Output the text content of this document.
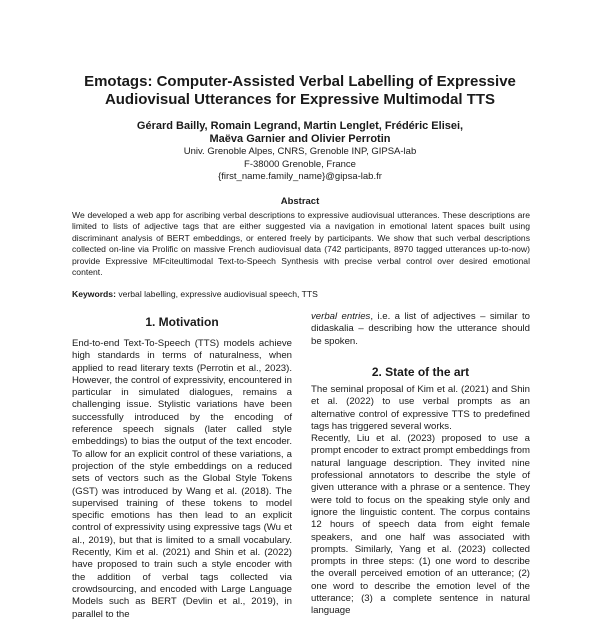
Emotags: Computer-Assisted Verbal Labelling of Expressive
Audiovisual Utterances for Expressive Multimodal TTS
Gérard Bailly, Romain Legrand, Martin Lenglet, Frédéric Elisei,
Maëva Garnier and Olivier Perrotin
Univ. Grenoble Alpes, CNRS, Grenoble INP, GIPSA-lab
F-38000 Grenoble, France
{first_name.family_name}@gipsa-lab.fr
Abstract

We developed a web app for ascribing verbal descriptions to expressive audiovisual utterances. These descriptions are limited to lists of adjective tags that are either suggested via a navigation in emotional latent spaces built using discriminant analysis of BERT embeddings, or entered freely by participants. We show that such verbal descriptions collected on-line via Prolific on massive French audiovisual data (742 participants, 8970 tagged utterances up-to-now) provide Expressive MFciteultimodal Text-to-Speech Synthesis with precise verbal control over desired emotional content.

Keywords: verbal labelling, expressive audiovisual speech, TTS

1. Motivation

End-to-end Text-To-Speech (TTS) models achieve high standards in terms of naturalness, when applied to read literary texts (Perrotin et al., 2023). However, the control of expressivity, encountered in particular in simulated dialogues, remains a challenging issue. Stylistic variations have been successfully introduced by the encoding of reference speech signals (later called style embeddings) to bias the output of the text encoder. To allow for an explicit control of these variations, a projection of the style embeddings on a reduced sets of vectors such as the Global Style Tokens (GST) was introduced by Wang et al. (2018). The supervised training of these tokens to model specific emotions has then lead to an explicit control of expressivity using expressive tags (Wu et al., 2019), but that is limited to a small vocabulary. Recently, Kim et al. (2021) and Shin et al. (2022) have proposed to train such a style encoder with the addition of verbal tags collected via crowdsourcing, and encoded with Large Language Models such as BERT (Devlin et al., 2019), in parallel to the

verbal entries, i.e. a list of adjectives – similar to didaskalia – describing how the utterance should be spoken.

2. State of the art

The seminal proposal of Kim et al. (2021) and Shin et al. (2022) to use verbal prompts as an alternative control of expressive TTS to predefined tags has triggered several works.

Recently, Liu et al. (2023) proposed to use a prompt encoder to extract prompt embeddings from natural language description. They invited nine professional annotators to describe the style of given utterance with a phrase or a sentence. They were told to focus on the speaking style only and ignore the linguistic content. The corpus contains 12 hours of speech data from eight female speakers, and one half was associated with prompts. Similarly, Yang et al. (2023) collected prompts in three steps: (1) one word to describe the overall perceived emotion of an utterance; (2) one word to describe the emotion level of the utterance; (3) a complete sentence in natural language
